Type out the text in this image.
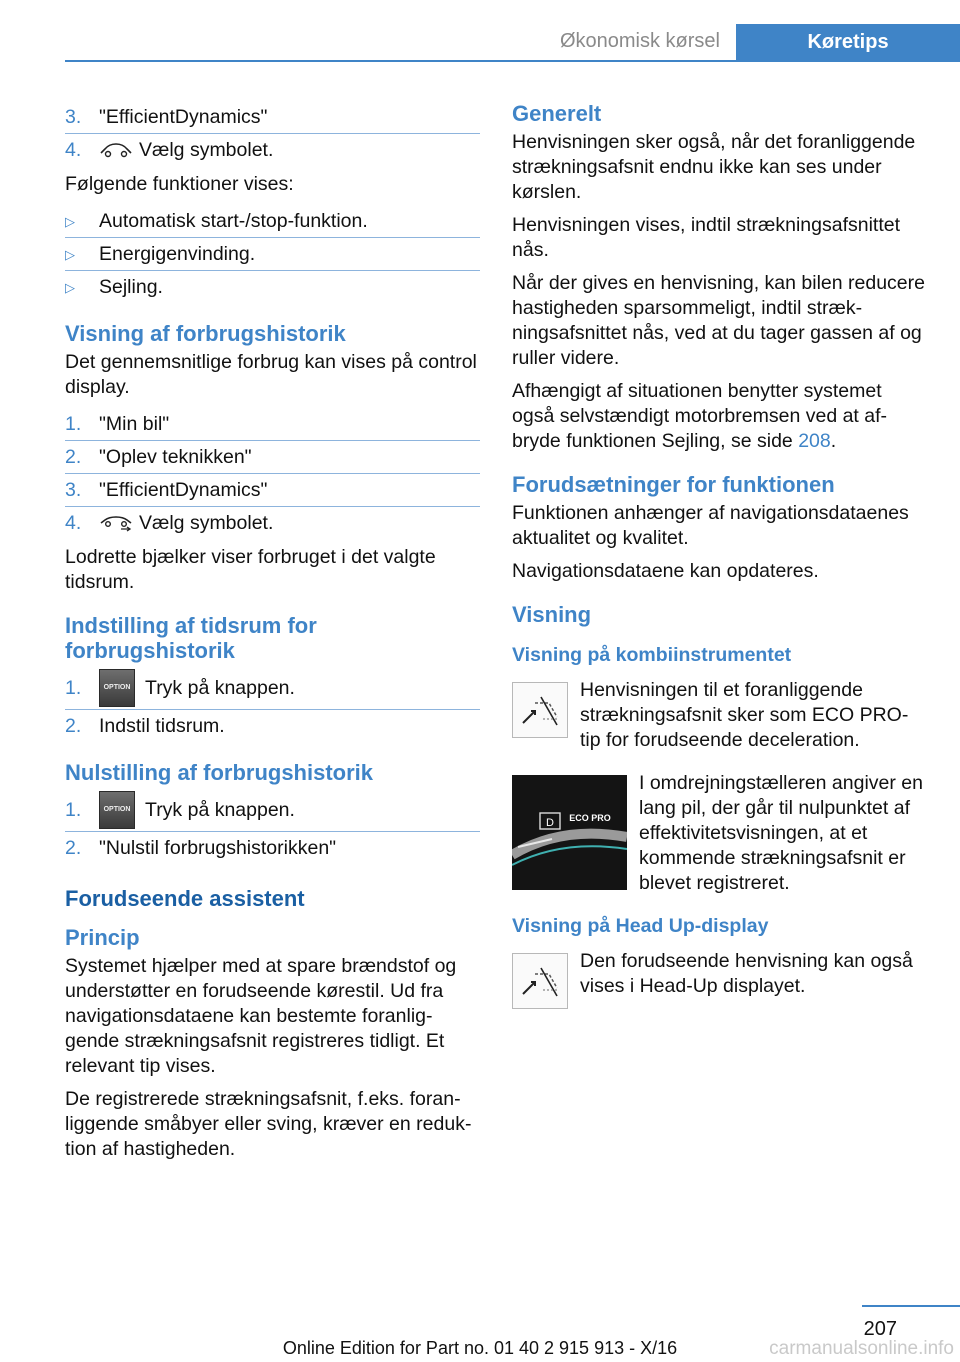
Økonomisk kørsel	Køretips
3. "EfficientDynamics"
4.	Vælg symbolet.

Følgende funktioner vises:

▷	Automatisk start-/stop-funktion.
▷	Energigenvinding.
▷	Sejling.
Visning af forbrugshistorik

Det gennemsnitlige forbrug kan vises på control display.

1. "Min bil"
2. "Oplev teknikken"
3. "EfficientDynamics"
4.	Vælg symbolet.

Lodrette bjælker viser forbruget i det valgte tidsrum.

Indstilling af tidsrum for forbrugshistorik
1.	OPTION Tryk på knappen.
2. Indstil tidsrum.
Nulstilling af forbrugshistorik
1.	OPTION Tryk på knappen.
2. "Nulstil forbrugshistorikken"
Forudseende assistent
Princip

Systemet hjælper med at spare brændstof og understøtter en forudseende kørestil. Ud fra navigationsdataene kan bestemte foranliggende strækningsafsnit registreres tidligt. Et relevant tip vises.

De registrerede strækningsafsnit, f.eks. foranliggende småbyer eller sving, kræver en reduktion af hastigheden.

Generelt

Henvisningen sker også, når det foranliggende strækningsafsnit endnu ikke kan ses under kørslen.

Henvisningen vises, indtil strækningsafsnittet nås.

Når der gives en henvisning, kan bilen reducere hastigheden sparsommeligt, indtil strækningsafsnittet nås, ved at du tager gassen af og ruller videre.

Afhængigt af situationen benytter systemet også selvstændigt motorbremsen ved at afbryde funktionen Sejling, se side 208.

Forudsætninger for funktionen

Funktionen anhænger af navigationsdataenes aktualitet og kvalitet.

Navigationsdataene kan opdateres.

Visning
Visning på kombiinstrumentet
Henvisningen til et foranliggende strækningsafsnit sker som ECO PRO-tip for forudseende deceleration.
D ECO PRO
I omdrejningstælleren angiver en lang pil, der går til nulpunktet af effektivitetsvisningen, at et kommende strækningsafsnit er blevet registreret.
Visning på Head Up-display
Den forudseende henvisning kan også vises i Head-Up displayet.
207
Online Edition for Part no. 01 40 2 915 913 - X/16	carmanualsonline.info
